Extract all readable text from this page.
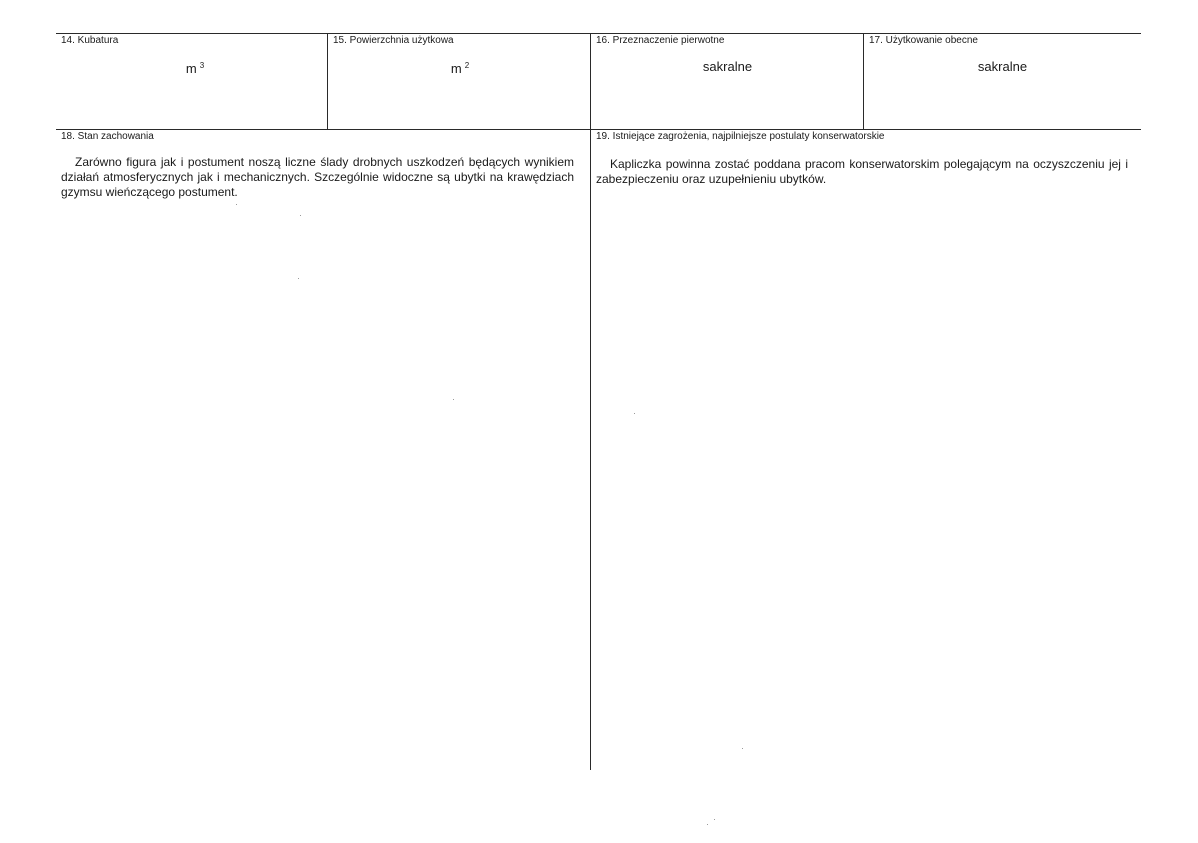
14. Kubatura
m $^3$
15. Powierzchnia użytkowa
m $^2$
16. Przeznaczenie pierwotne
sakralne
17. Użytkowanie obecne
sakralne
18. Stan zachowania
Zarówno figura jak i postument noszą liczne ślady drobnych uszkodzeń będących wynikiem działań atmosferycznych jak i mechanicznych. Szczególnie widoczne są ubytki na krawędziach gzymsu wieńczącego postument.
19. Istniejące zagrożenia, najpilniejsze postulaty konserwatorskie
Kapliczka powinna zostać poddana pracom konserwatorskim polegającym na oczyszczeniu jej i zabezpieczeniu oraz uzupełnieniu ubytków.
